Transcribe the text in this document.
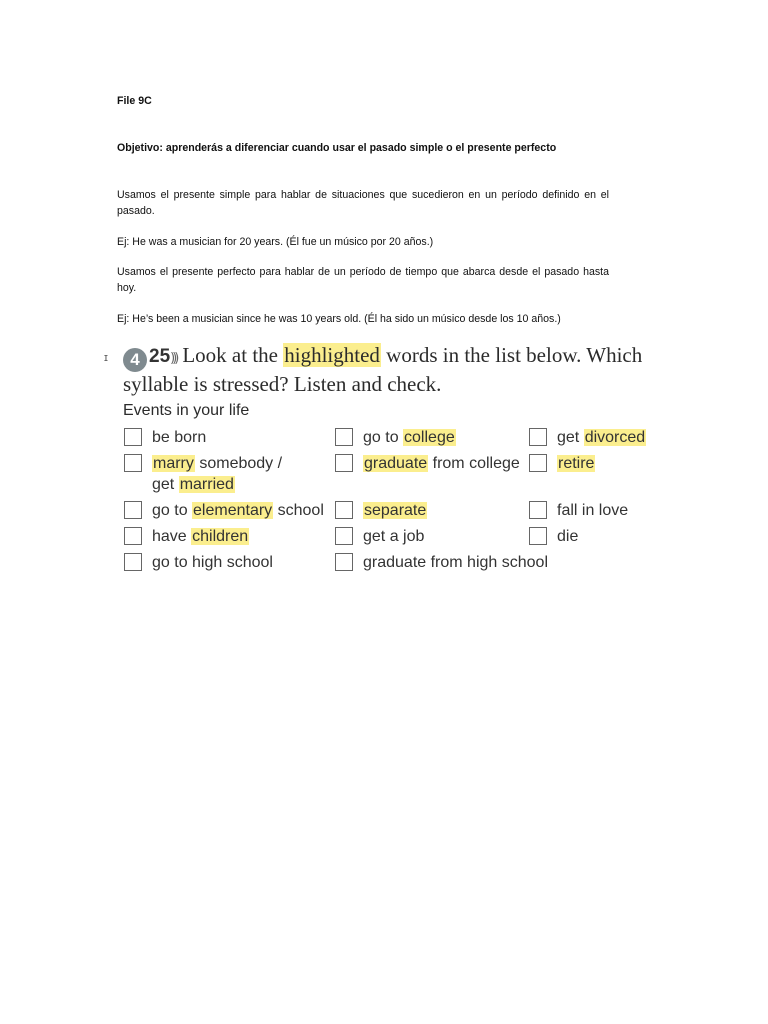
File 9C
Objetivo: aprenderás a diferenciar cuando usar el pasado simple o el presente perfecto
Usamos el presente simple para hablar de situaciones que sucedieron en un período definido en el pasado.
Ej: He was a musician for 20 years. (Él fue un músico por 20 años.)
Usamos el presente perfecto para hablar de un período de tiempo que abarca desde el pasado hasta hoy.
Ej: He’s been a musician since he was 10 years old. (Él ha sido un músico desde los 10 años.)
ɪ	4 25))) Look at the highlighted words in the list below. Which
syllable is stressed? Listen and check.
Events in your life
be born
marry somebody /
get married
go to elementary school
have children
go to high school
go to college
graduate from college
separate
get a job
graduate from high school
get divorced
retire
fall in love
die
